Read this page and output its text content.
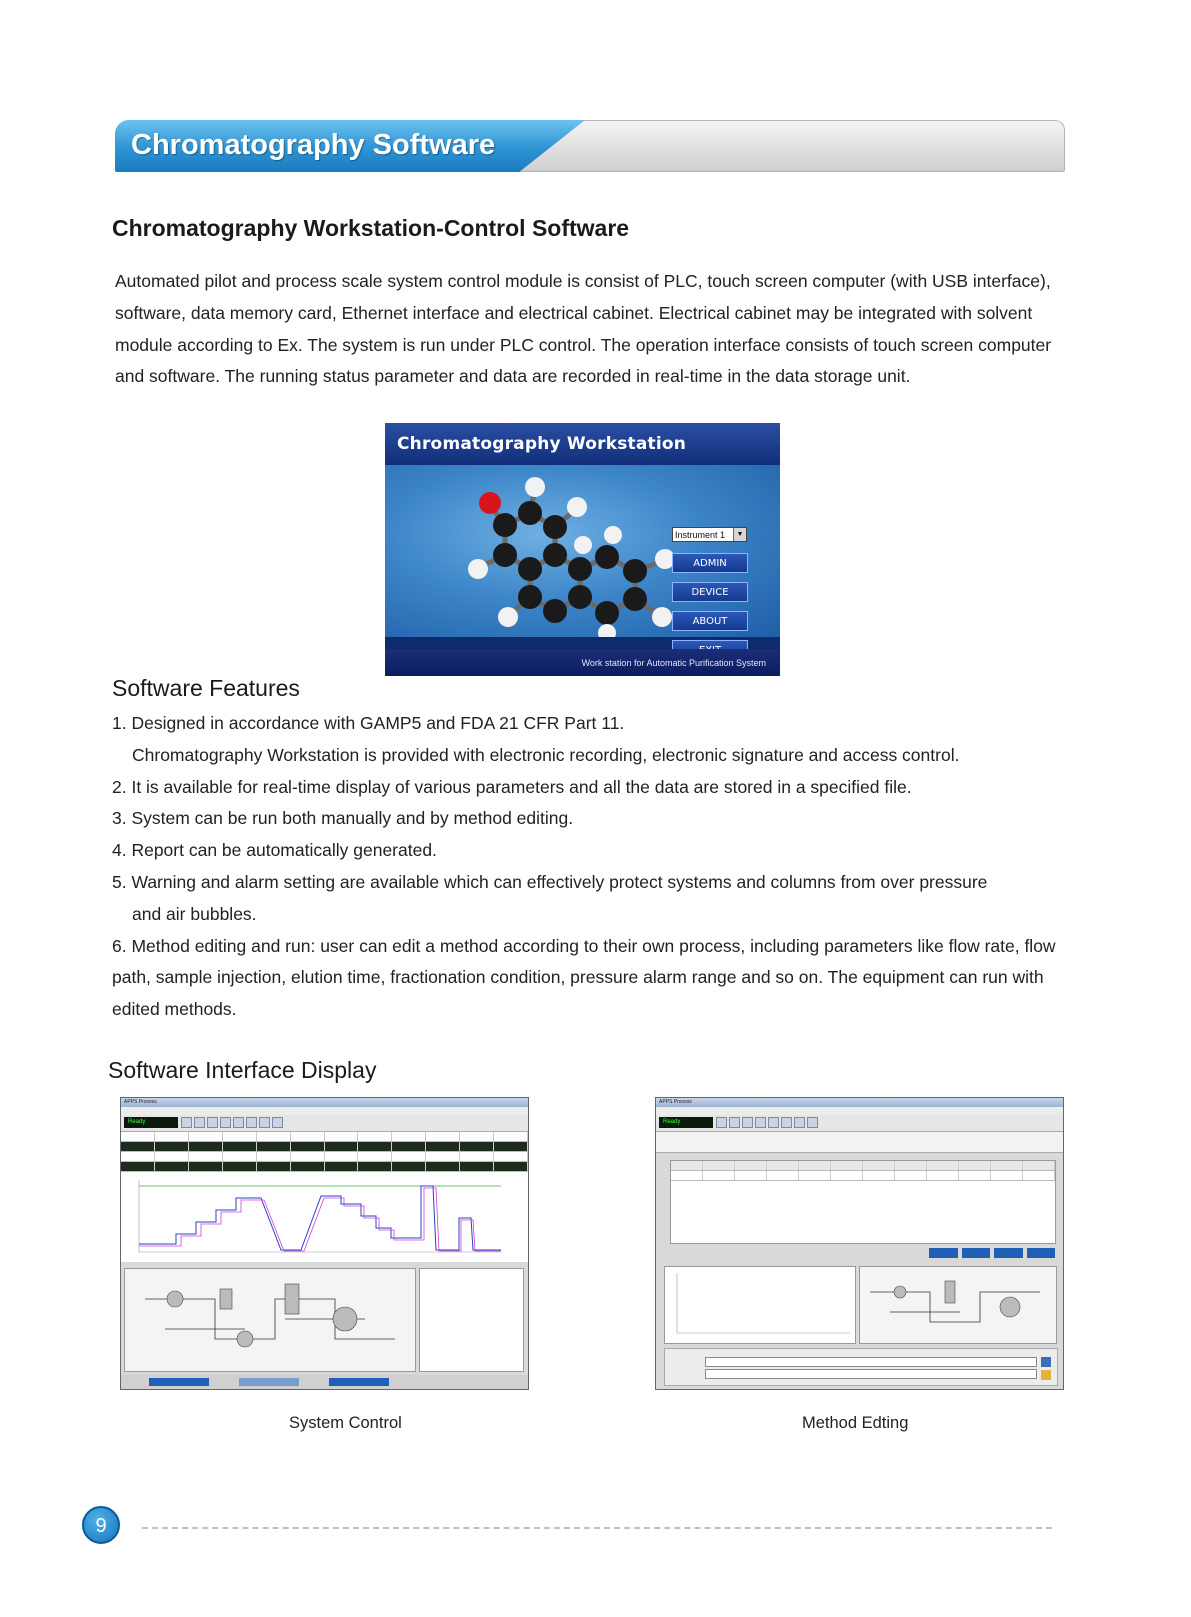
Chromatography Software
Chromatography Workstation-Control Software
Automated pilot and process scale system control module is consist of PLC, touch screen computer (with USB interface), software, data memory card, Ethernet interface and electrical cabinet. Electrical cabinet may be integrated with solvent module according to Ex. The system is run under PLC control. The operation interface consists of touch screen computer and software. The running status parameter and data are recorded in real-time in the data storage unit.
Chromatography Workstation
Instrument 1	▼
ADMIN
DEVICE
ABOUT
Work station for Automatic Purification System
Software Features

1. Designed in accordance with GAMP5 and FDA 21 CFR Part 11.

Chromatography Workstation is provided with electronic recording, electronic signature and access control.

2. It is available for real-time display of various parameters and all the data are stored in a specified file.

3. System can be run both manually and by method editing.

4. Report can be automatically generated.

5. Warning and alarm setting are available which can effectively protect systems and columns from over pressure

and air bubbles.

6. Method editing and run: user can edit a method according to their own process, including parameters like flow rate, flow path, sample injection, elution time, fractionation condition, pressure alarm range and so on. The equipment can run with edited methods.

Software Interface Display
APPS Process

Ready
APPS Process

Ready
System Control	Method Edting
9
